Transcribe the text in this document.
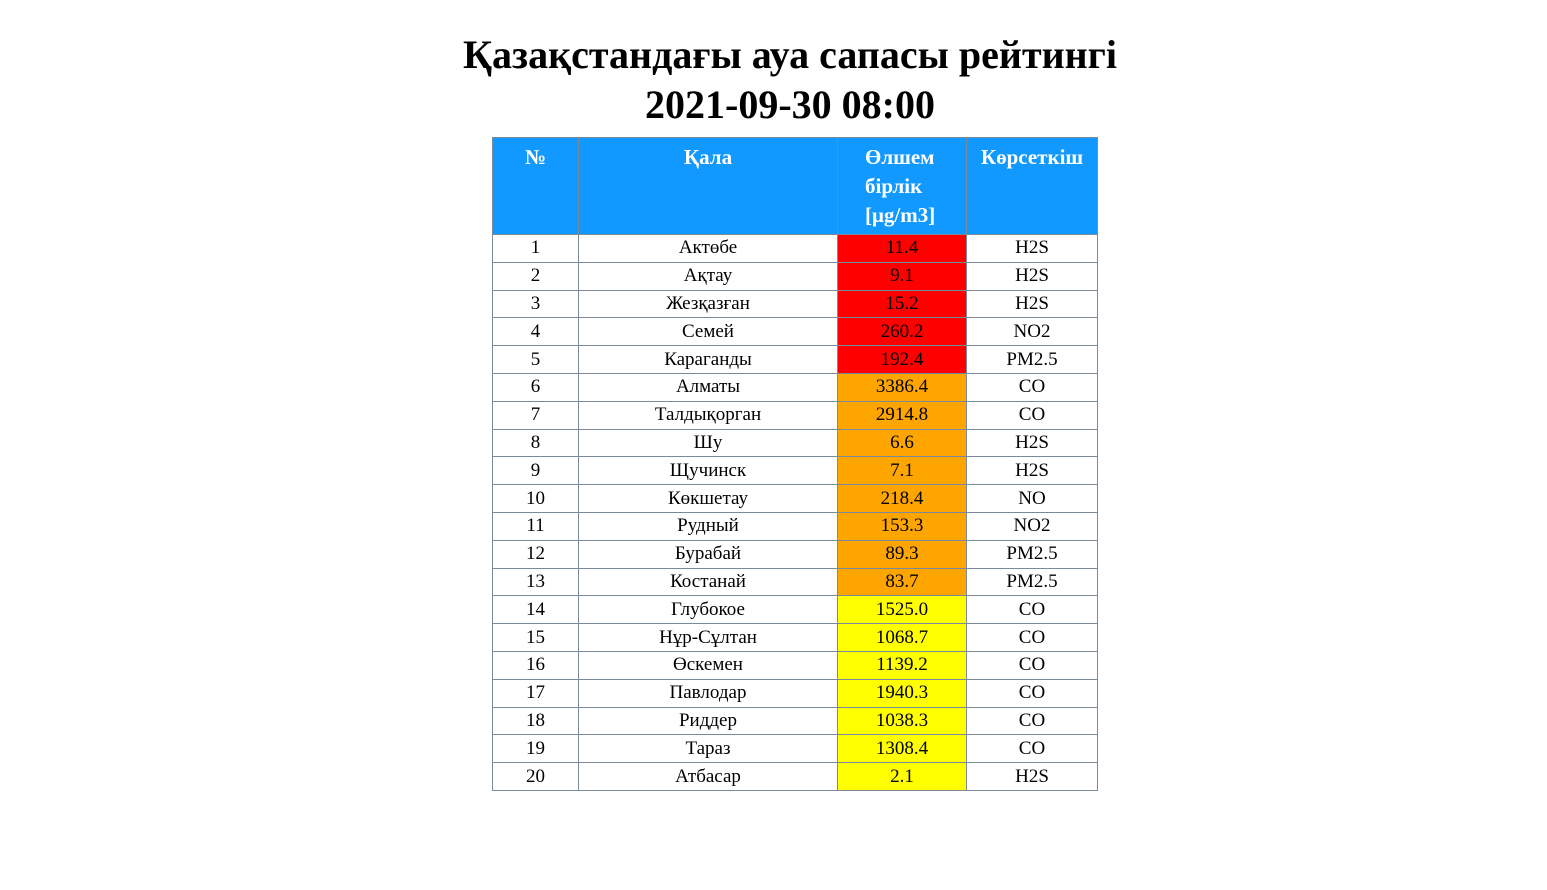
Қазақстандағы ауа сапасы рейтингі

2021-09-30 08:00

№	Қала	Өлшем бірлік [μg/m3]	Көрсеткіш
1	Актөбе	11.4	H2S
2	Ақтау	9.1	H2S
3	Жезқазған	15.2	H2S
4	Семей	260.2	NO2
5	Караганды	192.4	PM2.5
6	Алматы	3386.4	CO
7	Талдықорган	2914.8	CO
8	Шу	6.6	H2S
9	Щучинск	7.1	H2S
10	Көкшетау	218.4	NO
11	Рудный	153.3	NO2
12	Бурабай	89.3	PM2.5
13	Костанай	83.7	PM2.5
14	Глубокое	1525.0	CO
15	Нұр-Сұлтан	1068.7	CO
16	Өскемен	1139.2	CO
17	Павлодар	1940.3	CO
18	Риддер	1038.3	CO
19	Тараз	1308.4	CO
20	Атбасар	2.1	H2S
